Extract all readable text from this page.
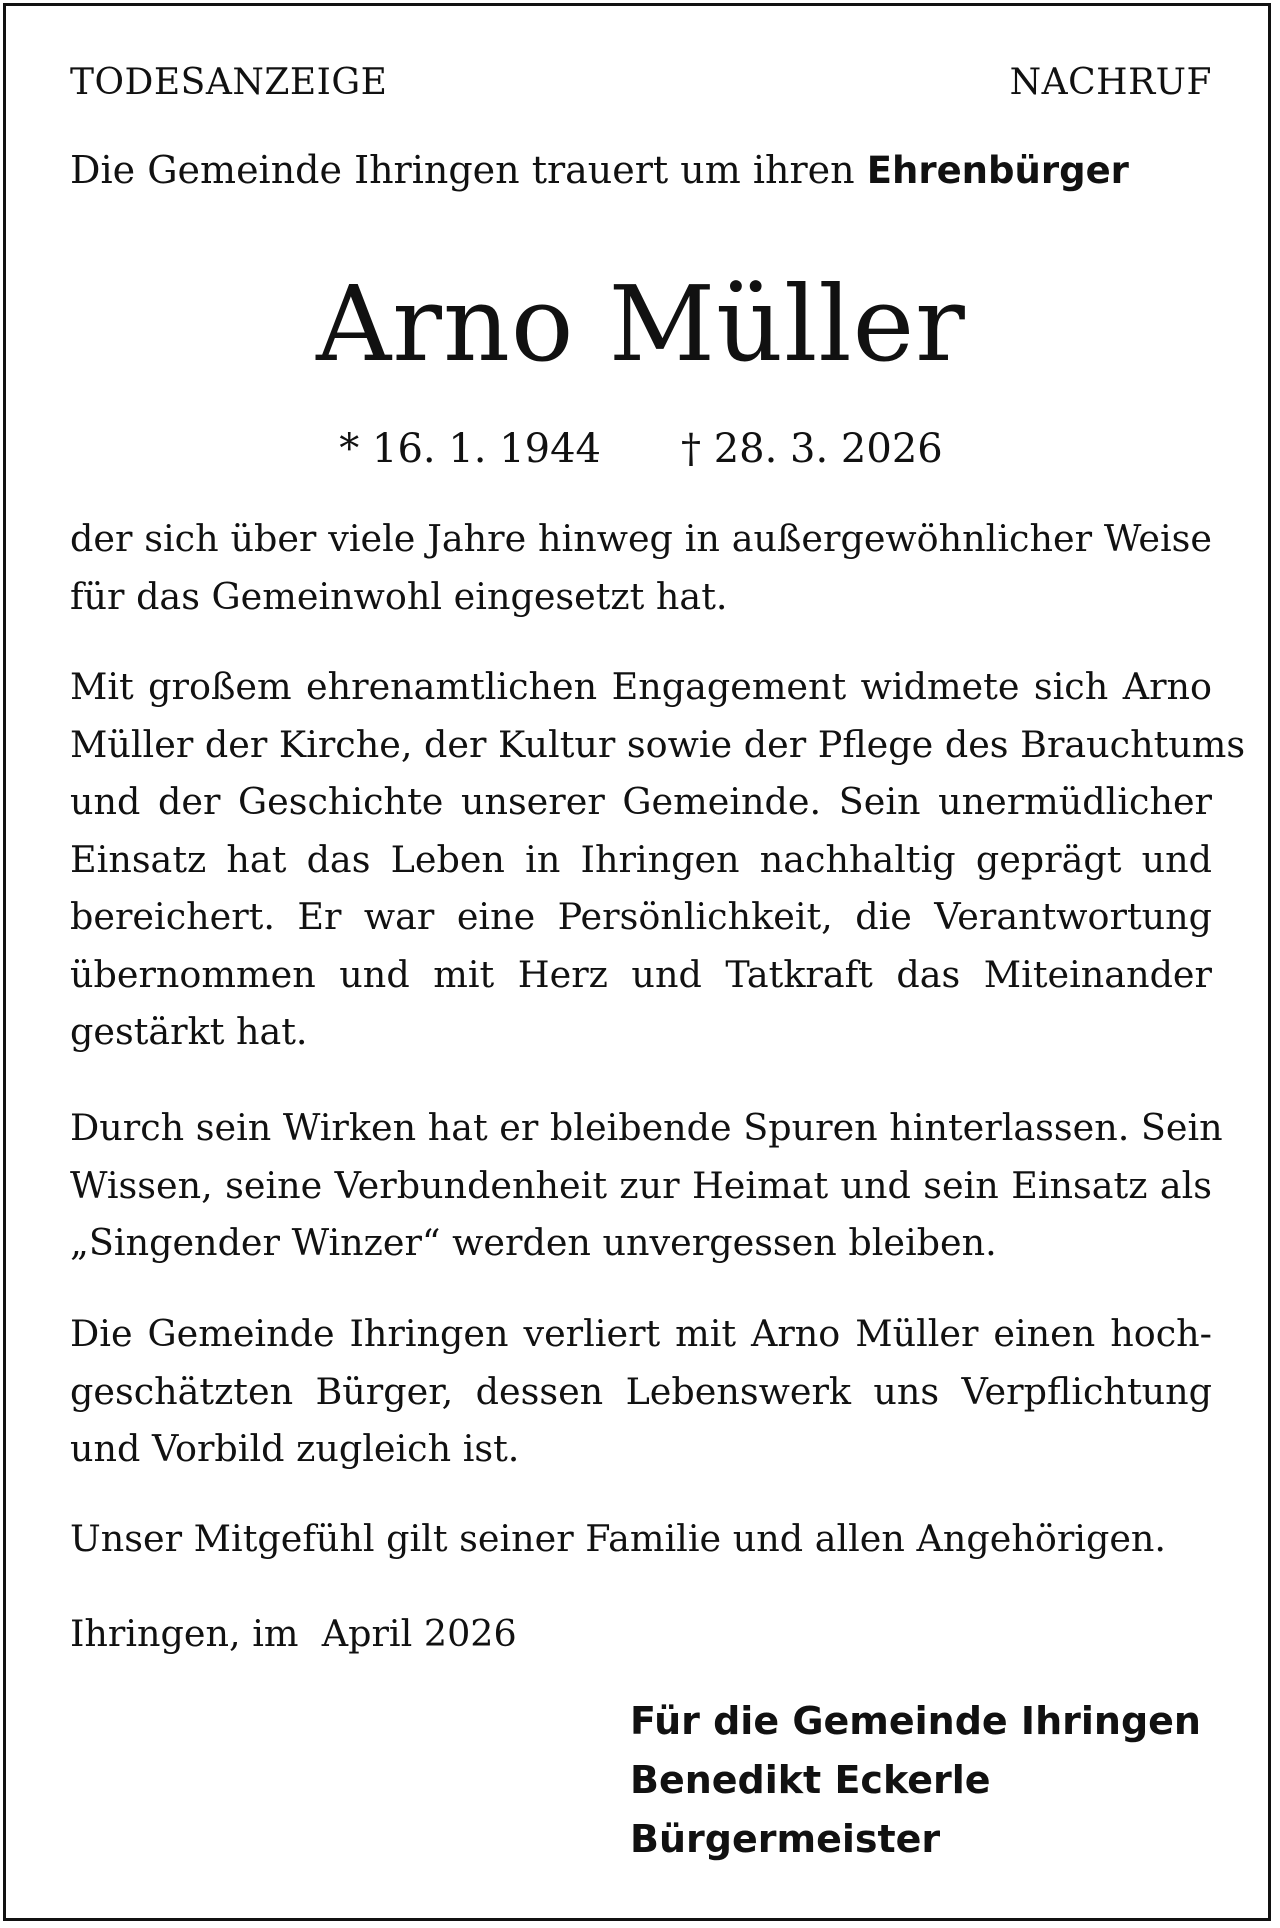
TODESANZEIGE	NACHRUF
Die Gemeinde Ihringen trauert um ihren Ehrenbürger
Arno Müller
* 16. 1. 1944 † 28. 3. 2026
der sich über viele Jahre hinweg in außergewöhnlicher Weise
für das Gemeinwohl eingesetzt hat.
Mit großem ehrenamtlichen Engagement widmete sich Arno
Müller der Kirche, der Kultur sowie der Pflege des Brauchtums
und der Geschichte unserer Gemeinde. Sein unermüdlicher
Einsatz hat das Leben in Ihringen nachhaltig geprägt und
bereichert. Er war eine Persönlichkeit, die Verantwortung
übernommen und mit Herz und Tatkraft das Miteinander
gestärkt hat.
Durch sein Wirken hat er bleibende Spuren hinterlassen. Sein
Wissen, seine Verbundenheit zur Heimat und sein Einsatz als
„Singender Winzer“ werden unvergessen bleiben.
Die Gemeinde Ihringen verliert mit Arno Müller einen hoch-
geschätzten Bürger, dessen Lebenswerk uns Verpflichtung
und Vorbild zugleich ist.
Unser Mitgefühl gilt seiner Familie und allen Angehörigen.
Ihringen, im  April 2026
Für die Gemeinde Ihringen
Benedikt Eckerle
Bürgermeister
